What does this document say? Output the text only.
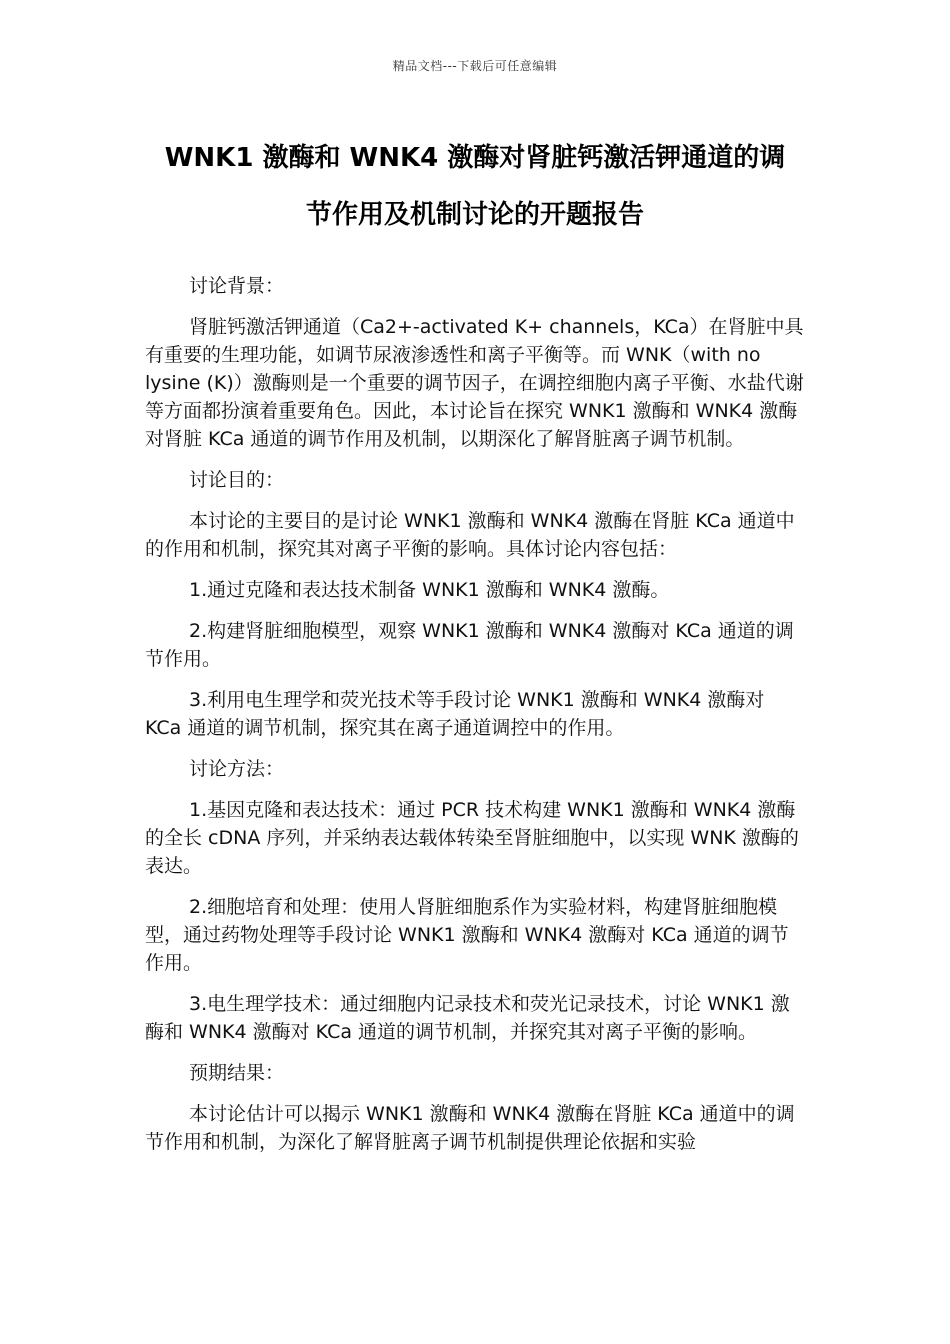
精品文档---下载后可任意编辑
WNK1 激酶和 WNK4 激酶对肾脏钙激活钾通道的调
节作用及机制讨论的开题报告

讨论背景：

肾脏钙激活钾通道（Ca2+-activated K+ channels，KCa）在肾脏中具有重要的生理功能，如调节尿液渗透性和离子平衡等。而 WNK（with no lysine (K)）激酶则是一个重要的调节因子，在调控细胞内离子平衡、水盐代谢等方面都扮演着重要角色。因此，本讨论旨在探究 WNK1 激酶和 WNK4 激酶对肾脏 KCa 通道的调节作用及机制，以期深化了解肾脏离子调节机制。

讨论目的：

本讨论的主要目的是讨论 WNK1 激酶和 WNK4 激酶在肾脏 KCa 通道中的作用和机制，探究其对离子平衡的影响。具体讨论内容包括：

1.通过克隆和表达技术制备 WNK1 激酶和 WNK4 激酶。

2.构建肾脏细胞模型，观察 WNK1 激酶和 WNK4 激酶对 KCa 通道的调节作用。

3.利用电生理学和荧光技术等手段讨论 WNK1 激酶和 WNK4 激酶对 KCa 通道的调节机制，探究其在离子通道调控中的作用。

讨论方法：

1.基因克隆和表达技术：通过 PCR 技术构建 WNK1 激酶和 WNK4 激酶的全长 cDNA 序列，并采纳表达载体转染至肾脏细胞中，以实现 WNK 激酶的表达。

2.细胞培育和处理：使用人肾脏细胞系作为实验材料，构建肾脏细胞模型，通过药物处理等手段讨论 WNK1 激酶和 WNK4 激酶对 KCa 通道的调节作用。

3.电生理学技术：通过细胞内记录技术和荧光记录技术，讨论 WNK1 激酶和 WNK4 激酶对 KCa 通道的调节机制，并探究其对离子平衡的影响。

预期结果：

本讨论估计可以揭示 WNK1 激酶和 WNK4 激酶在肾脏 KCa 通道中的调节作用和机制，为深化了解肾脏离子调节机制提供理论依据和实验
